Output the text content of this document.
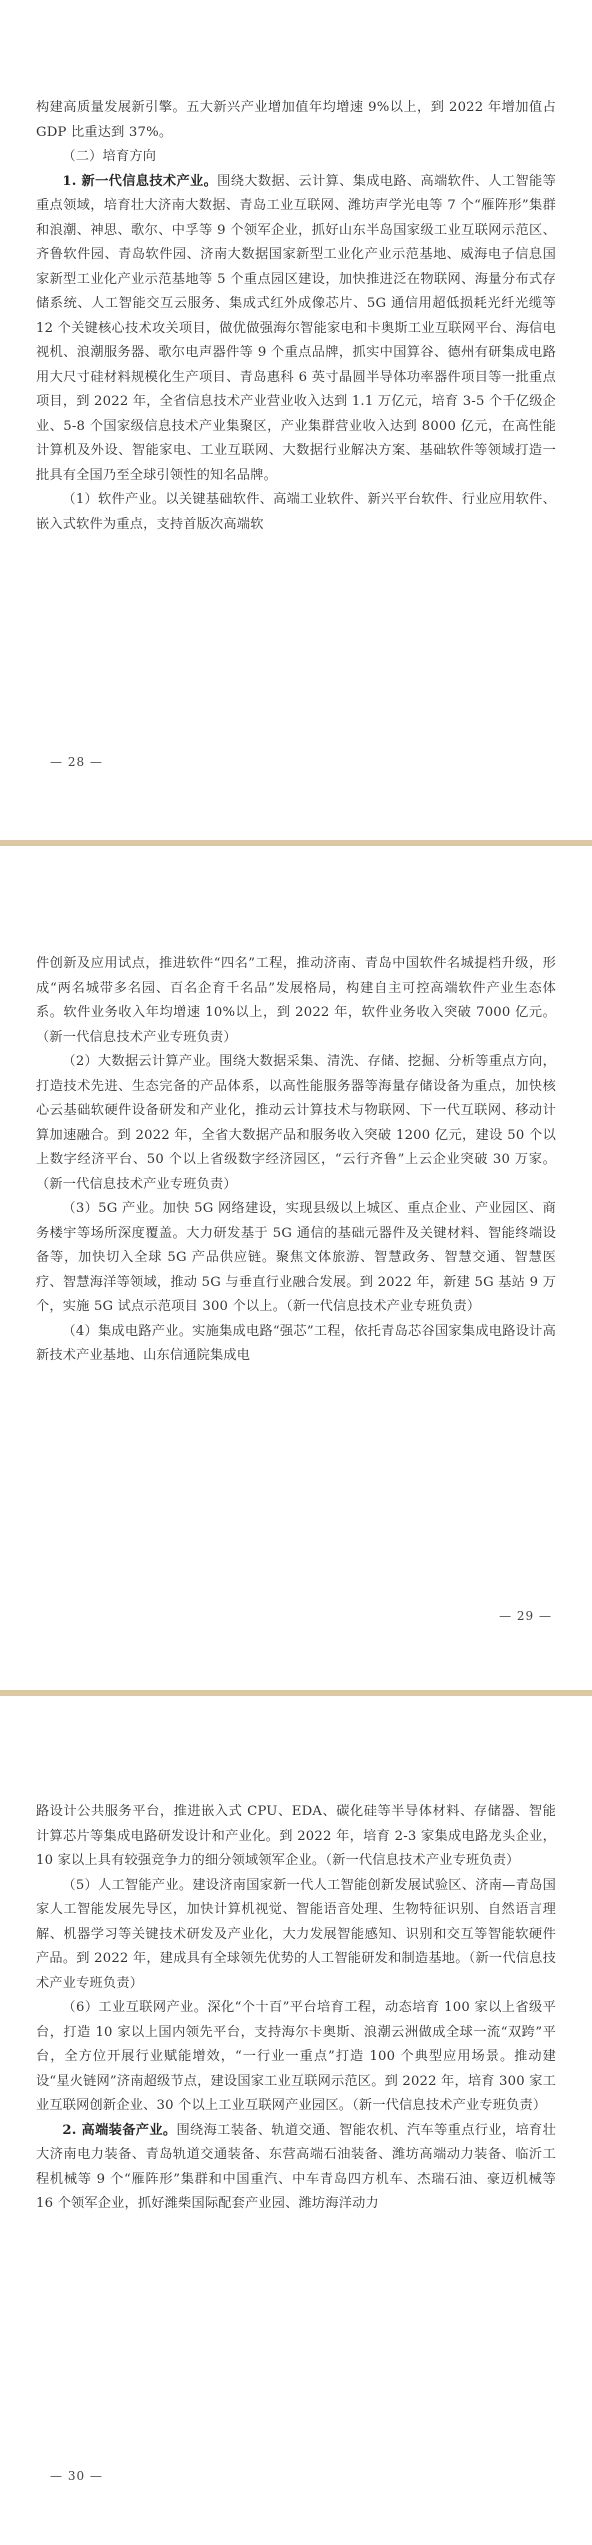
构建高质量发展新引擎。五大新兴产业增加值年均增速 9%以上，到 2022 年增加值占 GDP 比重达到 37%。

（二）培育方向

1. 新一代信息技术产业。围绕大数据、云计算、集成电路、高端软件、人工智能等重点领域，培育壮大济南大数据、青岛工业互联网、潍坊声学光电等 7 个“雁阵形”集群和浪潮、神思、歌尔、中孚等 9 个领军企业，抓好山东半岛国家级工业互联网示范区、齐鲁软件园、青岛软件园、济南大数据国家新型工业化产业示范基地、威海电子信息国家新型工业化产业示范基地等 5 个重点园区建设，加快推进泛在物联网、海量分布式存储系统、人工智能交互云服务、集成式红外成像芯片、5G 通信用超低损耗光纤光缆等 12 个关键核心技术攻关项目，做优做强海尔智能家电和卡奥斯工业互联网平台、海信电视机、浪潮服务器、歌尔电声器件等 9 个重点品牌，抓实中国算谷、德州有研集成电路用大尺寸硅材料规模化生产项目、青岛惠科 6 英寸晶圆半导体功率器件项目等一批重点项目，到 2022 年，全省信息技术产业营业收入达到 1.1 万亿元，培育 3-5 个千亿级企业、5-8 个国家级信息技术产业集聚区，产业集群营业收入达到 8000 亿元，在高性能计算机及外设、智能家电、工业互联网、大数据行业解决方案、基础软件等领域打造一批具有全国乃至全球引领性的知名品牌。

（1）软件产业。以关键基础软件、高端工业软件、新兴平台软件、行业应用软件、嵌入式软件为重点，支持首版次高端软

— 28 —

件创新及应用试点，推进软件“四名”工程，推动济南、青岛中国软件名城提档升级，形成“两名城带多名园、百名企育千名品”发展格局，构建自主可控高端软件产业生态体系。软件业务收入年均增速 10%以上，到 2022 年，软件业务收入突破 7000 亿元。（新一代信息技术产业专班负责）

（2）大数据云计算产业。围绕大数据采集、清洗、存储、挖掘、分析等重点方向，打造技术先进、生态完备的产品体系，以高性能服务器等海量存储设备为重点，加快核心云基础软硬件设备研发和产业化，推动云计算技术与物联网、下一代互联网、移动计算加速融合。到 2022 年，全省大数据产品和服务收入突破 1200 亿元，建设 50 个以上数字经济平台、50 个以上省级数字经济园区，“云行齐鲁”上云企业突破 30 万家。（新一代信息技术产业专班负责）

（3）5G 产业。加快 5G 网络建设，实现县级以上城区、重点企业、产业园区、商务楼宇等场所深度覆盖。大力研发基于 5G 通信的基础元器件及关键材料、智能终端设备等，加快切入全球 5G 产品供应链。聚焦文体旅游、智慧政务、智慧交通、智慧医疗、智慧海洋等领域，推动 5G 与垂直行业融合发展。到 2022 年，新建 5G 基站 9 万个，实施 5G 试点示范项目 300 个以上。（新一代信息技术产业专班负责）

（4）集成电路产业。实施集成电路“强芯”工程，依托青岛芯谷国家集成电路设计高新技术产业基地、山东信通院集成电

— 29 —

路设计公共服务平台，推进嵌入式 CPU、EDA、碳化硅等半导体材料、存储器、智能计算芯片等集成电路研发设计和产业化。到 2022 年，培育 2-3 家集成电路龙头企业，10 家以上具有较强竞争力的细分领域领军企业。（新一代信息技术产业专班负责）

（5）人工智能产业。建设济南国家新一代人工智能创新发展试验区、济南—青岛国家人工智能发展先导区，加快计算机视觉、智能语音处理、生物特征识别、自然语言理解、机器学习等关键技术研发及产业化，大力发展智能感知、识别和交互等智能软硬件产品。到 2022 年，建成具有全球领先优势的人工智能研发和制造基地。（新一代信息技术产业专班负责）

（6）工业互联网产业。深化“个十百”平台培育工程，动态培育 100 家以上省级平台，打造 10 家以上国内领先平台，支持海尔卡奥斯、浪潮云洲做成全球一流“双跨”平台，全方位开展行业赋能增效，“一行业一重点”打造 100 个典型应用场景。推动建设“星火链网”济南超级节点，建设国家工业互联网示范区。到 2022 年，培育 300 家工业互联网创新企业、30 个以上工业互联网产业园区。（新一代信息技术产业专班负责）

2. 高端装备产业。围绕海工装备、轨道交通、智能农机、汽车等重点行业，培育壮大济南电力装备、青岛轨道交通装备、东营高端石油装备、潍坊高端动力装备、临沂工程机械等 9 个“雁阵形”集群和中国重汽、中车青岛四方机车、杰瑞石油、豪迈机械等 16 个领军企业，抓好潍柴国际配套产业园、潍坊海洋动力

— 30 —
